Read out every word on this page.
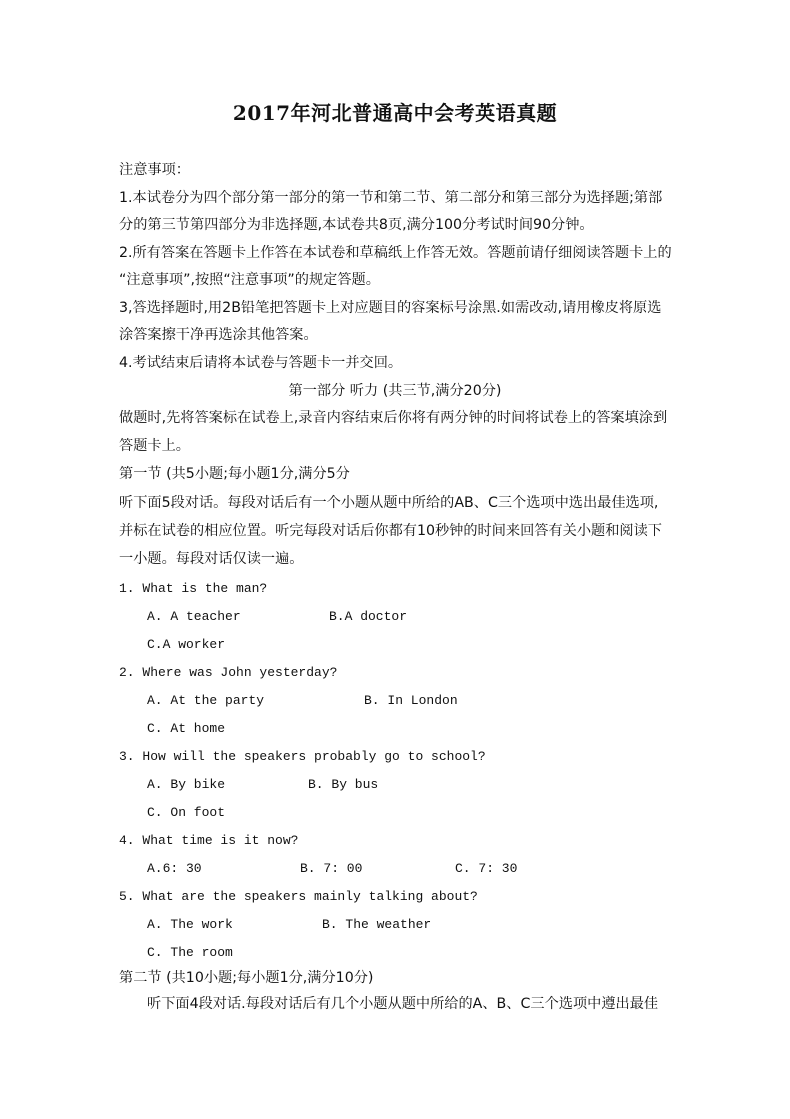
2017年河北普通高中会考英语真题
注意事项：
1.本试卷分为四个部分第一部分的第一节和第二节、第二部分和第三部分为选择题;第部
分的第三节第四部分为非选择题,本试卷共8页,满分100分考试时间90分钟。
2.所有答案在答题卡上作答在本试卷和草稿纸上作答无效。答题前请仔细阅读答题卡上的
“注意事项”,按照“注意事项”的规定答题。
3,答选择题时,用2B铅笔把答题卡上对应题目的容案标号涂黑.如需改动,请用橡皮将原选
涂答案擦干净再选涂其他答案。
4.考试结束后请将本试卷与答题卡一并交回。
第一部分 听力 (共三节,满分20分)
做题时,先将答案标在试卷上,录音内容结束后你将有两分钟的时间将试卷上的答案填涂到
答题卡上。
第一节 (共5小题;每小题1分,满分5分
听下面5段对话。每段对话后有一个小题从题中所给的AB、C三个选项中选出最佳选项,
并标在试卷的相应位置。听完每段对话后你都有10秒钟的时间来回答有关小题和阅读下
一小题。每段对话仅读一遍。
1. What is the man?
A. A teacher	B.A doctor
C.A worker
2. Where was John yesterday?
A. At the party	B. In London
C. At home
3. How will the speakers probably go to school?
A. By bike	B. By bus
C. On foot
4. What time is it now?
A.6: 30	B. 7: 00	C. 7: 30
5. What are the speakers mainly talking about?
A. The work	B. The weather
C. The room
第二节 (共10小题;每小题1分,满分10分)
听下面4段对话.每段对话后有几个小题从题中所给的A、B、C三个选项中遵出最佳
